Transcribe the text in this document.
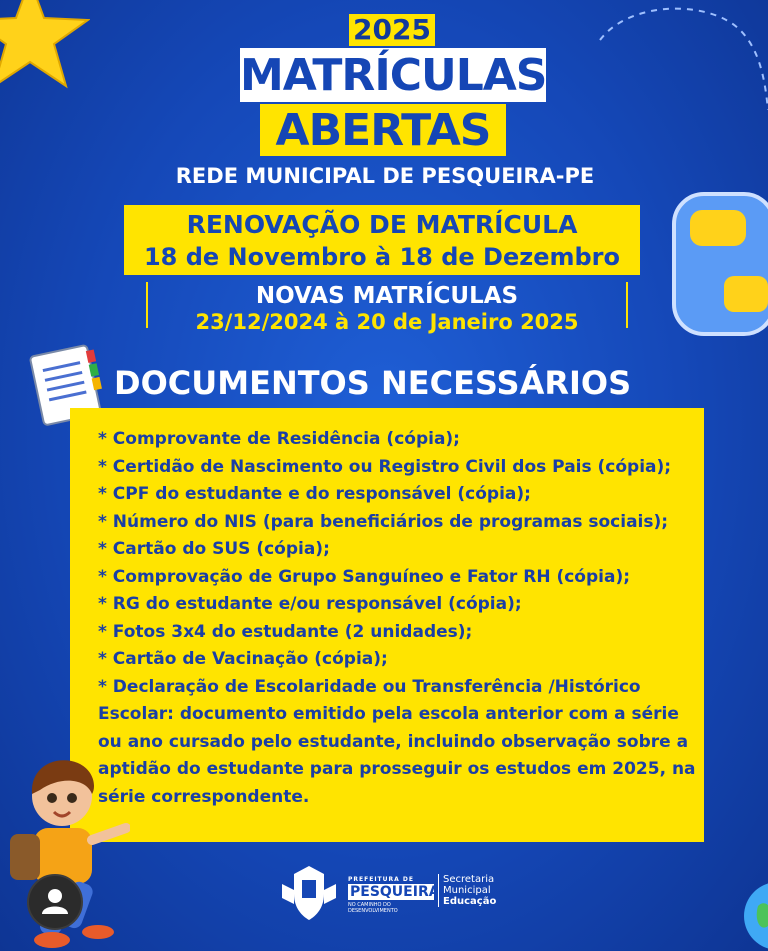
2025
MATRÍCULAS
ABERTAS
REDE MUNICIPAL DE PESQUEIRA-PE
RENOVAÇÃO DE MATRÍCULA
18 de Novembro à 18 de Dezembro
NOVAS MATRÍCULAS
23/12/2024 à 20 de Janeiro 2025
DOCUMENTOS NECESSÁRIOS
* Comprovante de Residência (cópia);
* Certidão de Nascimento ou Registro Civil dos Pais (cópia);
* CPF do estudante e do responsável (cópia);
* Número do NIS (para beneficiários de programas sociais);
* Cartão do SUS (cópia);
* Comprovação de Grupo Sanguíneo e Fator RH (cópia);
* RG do estudante e/ou responsável (cópia);
* Fotos 3x4 do estudante (2 unidades);
* Cartão de Vacinação (cópia);
* Declaração de Escolaridade ou Transferência /Histórico Escolar: documento emitido pela escola anterior com a série ou ano cursado pelo estudante, incluindo observação sobre a aptidão do estudante para prosseguir os estudos em 2025, na série correspondente.
PREFEITURA DE
PESQUEIRA
NO CAMINHO DO DESENVOLVIMENTO
Secretaria
Municipal
Educação
